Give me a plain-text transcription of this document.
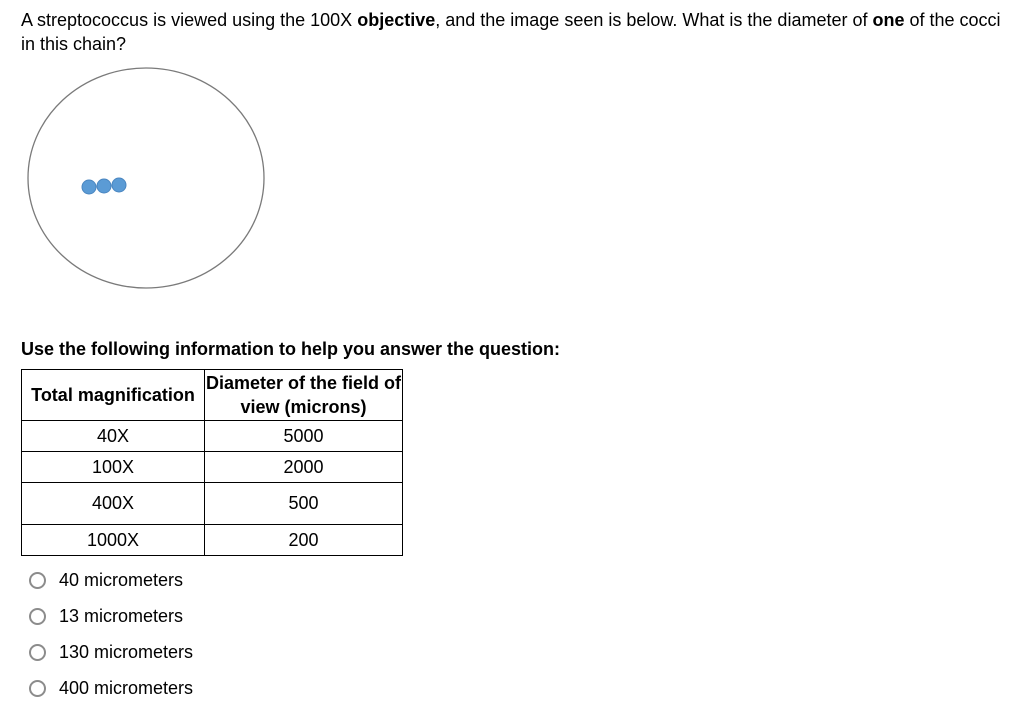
A streptococcus is viewed using the 100X objective, and the image seen is below. What is the diameter of one of the cocci in this chain?
Use the following information to help you answer the question:
Total magnification	Diameter of the field of view (microns)
40X	5000
100X	2000
400X	500
1000X	200
40 micrometers
13 micrometers
130 micrometers
400 micrometers
